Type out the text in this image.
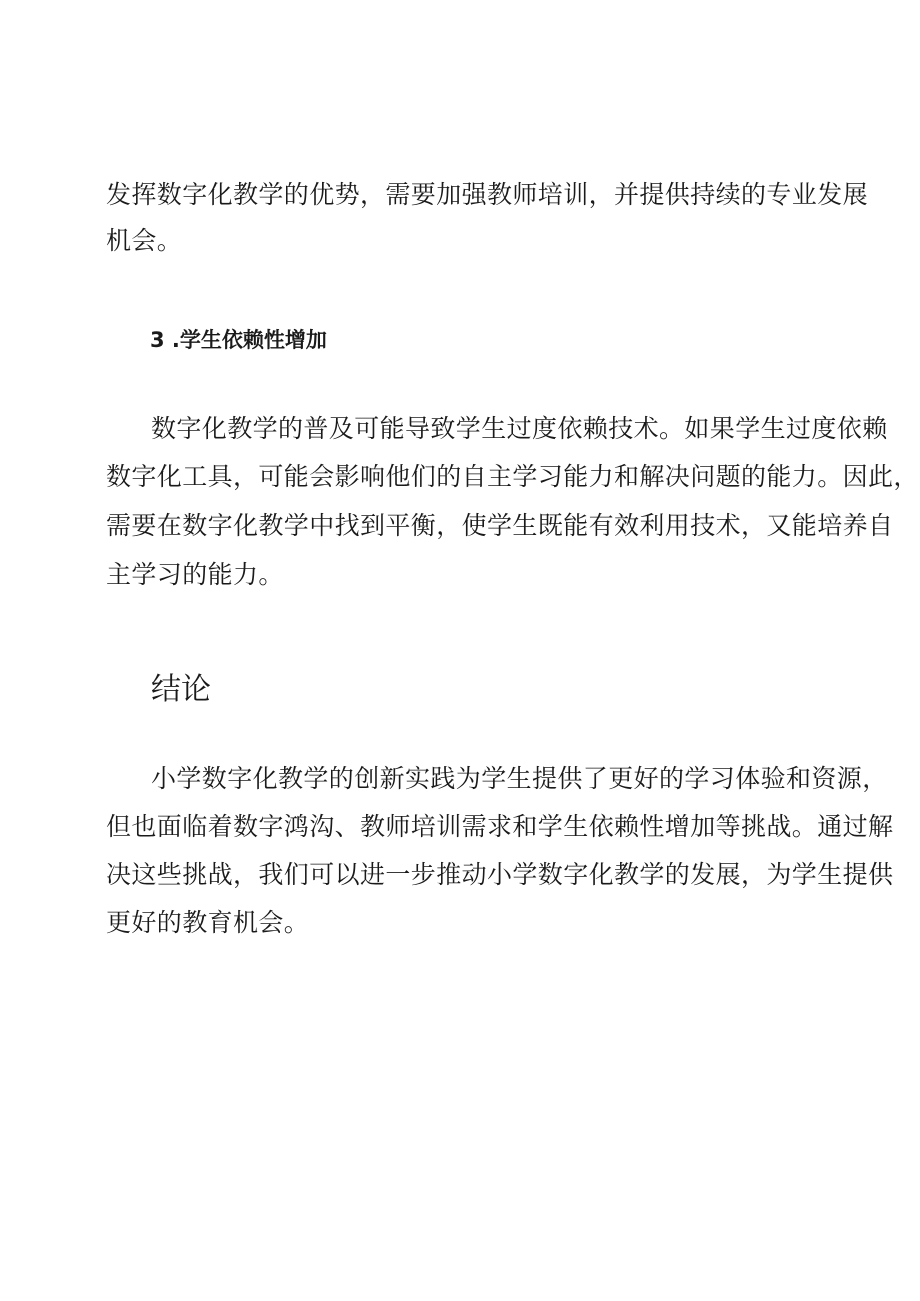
发挥数字化教学的优势，需要加强教师培训，并提供持续的专业发展
机会。
3 .学生依赖性增加
数字化教学的普及可能导致学生过度依赖技术。如果学生过度依赖
数字化工具，可能会影响他们的自主学习能力和解决问题的能力。因此，
需要在数字化教学中找到平衡，使学生既能有效利用技术，又能培养自
主学习的能力。
结论
小学数字化教学的创新实践为学生提供了更好的学习体验和资源，
但也面临着数字鸿沟、教师培训需求和学生依赖性增加等挑战。通过解
决这些挑战，我们可以进一步推动小学数字化教学的发展，为学生提供
更好的教育机会。
